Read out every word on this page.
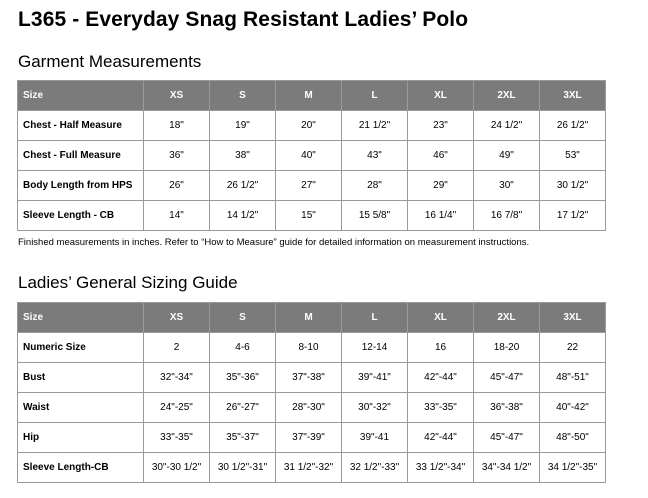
L365 - Everyday Snag Resistant Ladies’ Polo
Garment Measurements
Size	XS	S	M	L	XL	2XL	3XL
Chest - Half Measure	18"	19"	20"	21 1/2"	23"	24 1/2"	26 1/2"
Chest - Full Measure	36"	38"	40"	43"	46"	49"	53"
Body Length from HPS	26"	26 1/2"	27"	28"	29"	30"	30 1/2"
Sleeve Length - CB	14"	14 1/2"	15"	15 5/8"	16 1/4"	16 7/8"	17 1/2"
Finished measurements in inches. Refer to “How to Measure” guide for detailed information on measurement instructions.
Ladies’ General Sizing Guide
Size	XS	S	M	L	XL	2XL	3XL
Numeric Size	2	4-6	8-10	12-14	16	18-20	22
Bust	32"-34"	35"-36"	37"-38"	39"-41"	42"-44"	45"-47"	48"-51"
Waist	24"-25"	26"-27"	28"-30"	30"-32"	33"-35"	36"-38"	40"-42"
Hip	33"-35"	35"-37"	37"-39"	39"-41	42"-44"	45"-47"	48"-50"
Sleeve Length-CB	30"-30 1/2"	30 1/2"-31"	31 1/2"-32"	32 1/2"-33"	33 1/2"-34"	34"-34 1/2"	34 1/2"-35"
